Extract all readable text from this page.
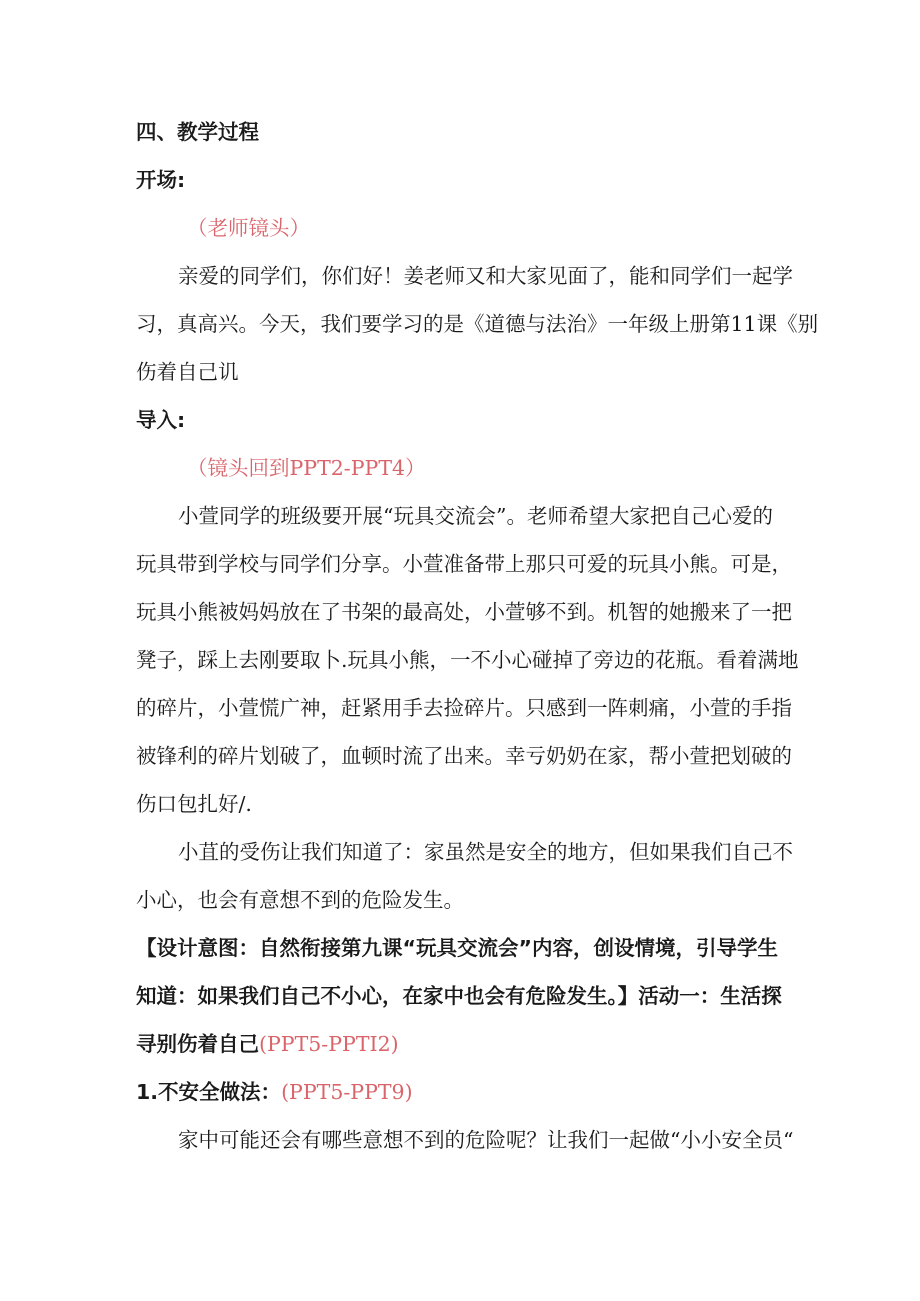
四、教学过程
开场:
（老师镜头）
亲爱的同学们，你们好！姜老师又和大家见面了，能和同学们一起学
习，真高兴。今天，我们要学习的是《道德与法治》一年级上册第11课《别
伤着自己讥
导入:
（镜头回到PPT2-PPT4）
小萱同学的班级要开展“玩具交流会”。老师希望大家把自己心爱的
玩具带到学校与同学们分享。小萱准备带上那只可爱的玩具小熊。可是，
玩具小熊被妈妈放在了书架的最高处，小萱够不到。机智的她搬来了一把
凳子，踩上去刚要取卜.玩具小熊，一不小心碰掉了旁边的花瓶。看着满地
的碎片，小萱慌广神，赶紧用手去捡碎片。只感到一阵刺痛，小萱的手指
被锋利的碎片划破了，血顿时流了出来。幸亏奶奶在家，帮小萱把划破的
伤口包扎好/.
小苴的受伤让我们知道了：家虽然是安全的地方，但如果我们自己不
小心，也会有意想不到的危险发生。
【设计意图：自然衔接第九课“玩具交流会”内容，创设情境，引导学生
知道：如果我们自己不小心，在家中也会有危险发生。】活动一：生活探
寻别伤着自己(PPT5-PPTI2)
1.不安全做法：(PPT5-PPT9)
家中可能还会有哪些意想不到的危险呢？让我们一起做“小小安全员“
